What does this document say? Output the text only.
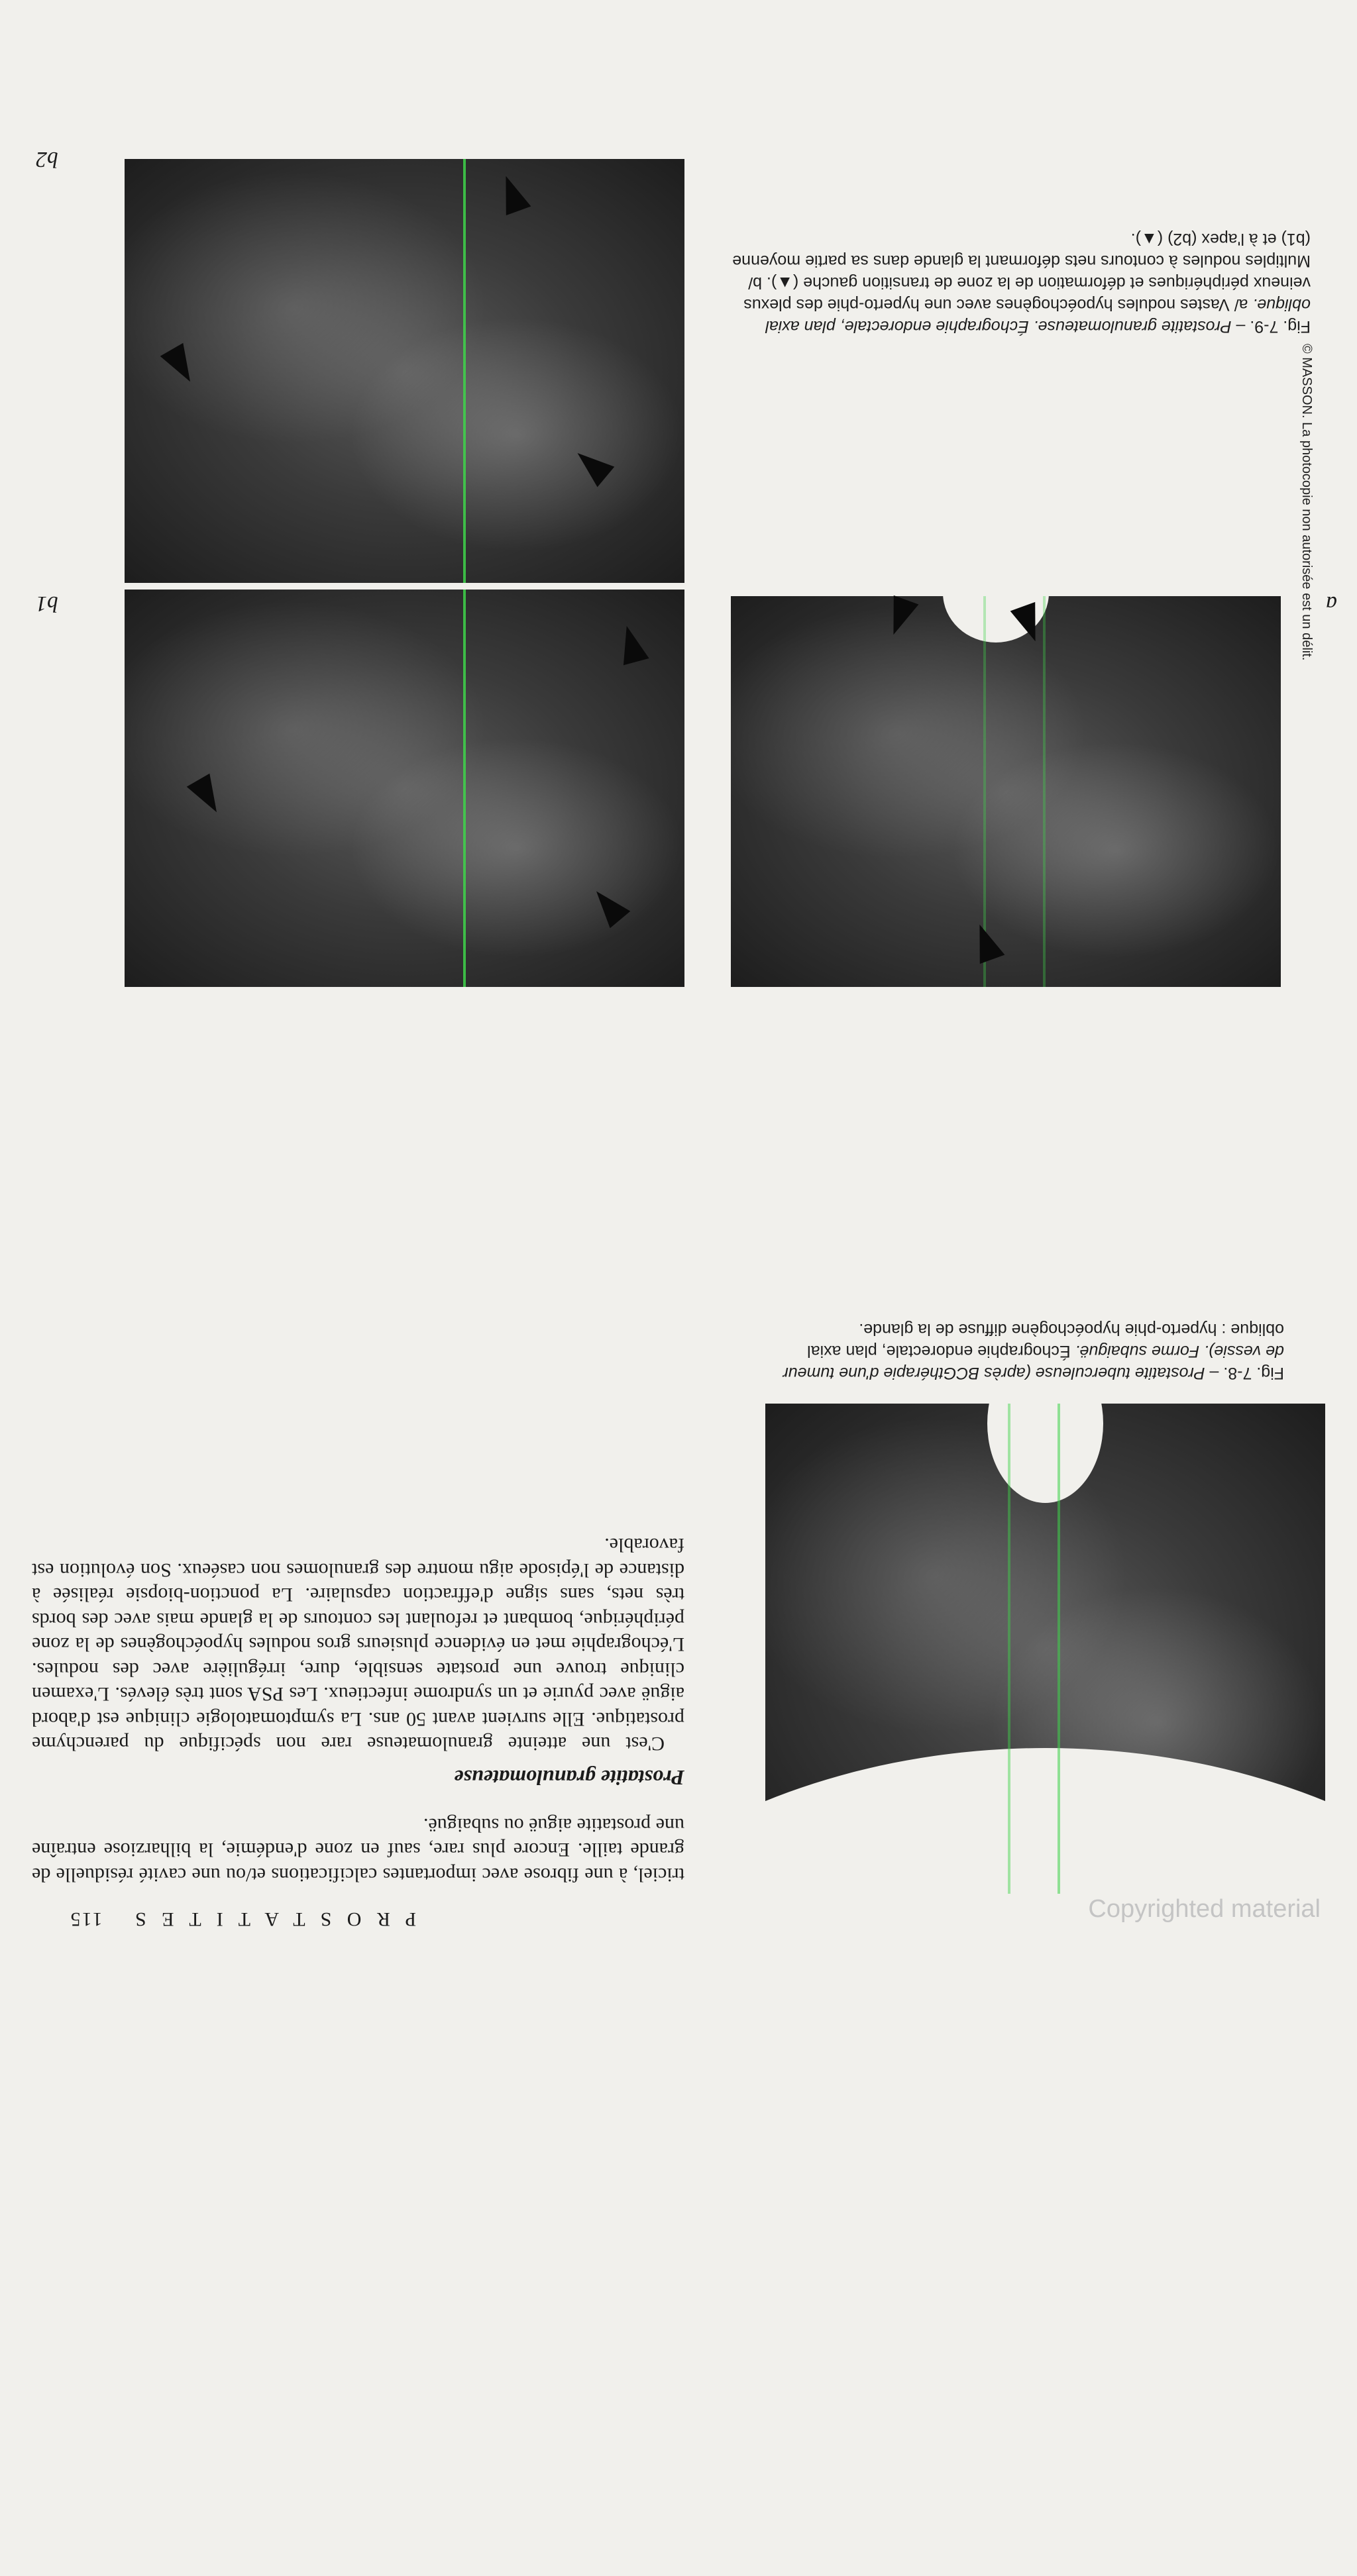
P R O S T A T I T E S 115
Fig. 7-8. – Prostatite tuberculeuse (après BCGthérapie d'une tumeur de vessie). Forme subaiguë. Échographie endorectale, plan axial oblique : hyperto-phie hypoéchogène diffuse de la glande.
a
Fig. 7-9. – Prostatite granulomateuse. Échographie endorectale, plan axial oblique. a/ Vastes nodules hypoéchogènes avec une hyperto-phie des plexus veineux périphériques et déformation de la zone de transition gauche (▲). b/ Multiples nodules à contours nets déformant la glande dans sa partie moyenne (b1) et à l'apex (b2) (▲).

triciel, à une fibrose avec importantes calcifications et/ou une cavité résiduelle de grande taille. Encore plus rare, sauf en zone d'endémie, la bilharziose entraîne une prostatite aiguë ou subaiguë.

Prostatite granulomateuse

C'est une atteinte granulomateuse rare non spécifique du parenchyme prostatique. Elle survient avant 50 ans. La symptomatologie clinique est d'abord aiguë avec pyurie et un syndrome infectieux. Les PSA sont très élevés. L'examen clinique trouve une prostate sensible, dure, irrégulière avec des nodules. L'échographie met en évidence plusieurs gros nodules hypoéchogènes de la zone périphérique, bombant et refoulant les contours de la glande mais avec des bords très nets, sans signe d'effraction capsulaire. La ponction-biopsie réalisée à distance de l'épisode aigu montre des granulomes non caséeux. Son évolution est favorable.

b1
b2
© MASSON. La photocopie non autorisée est un délit.
Copyrighted material
